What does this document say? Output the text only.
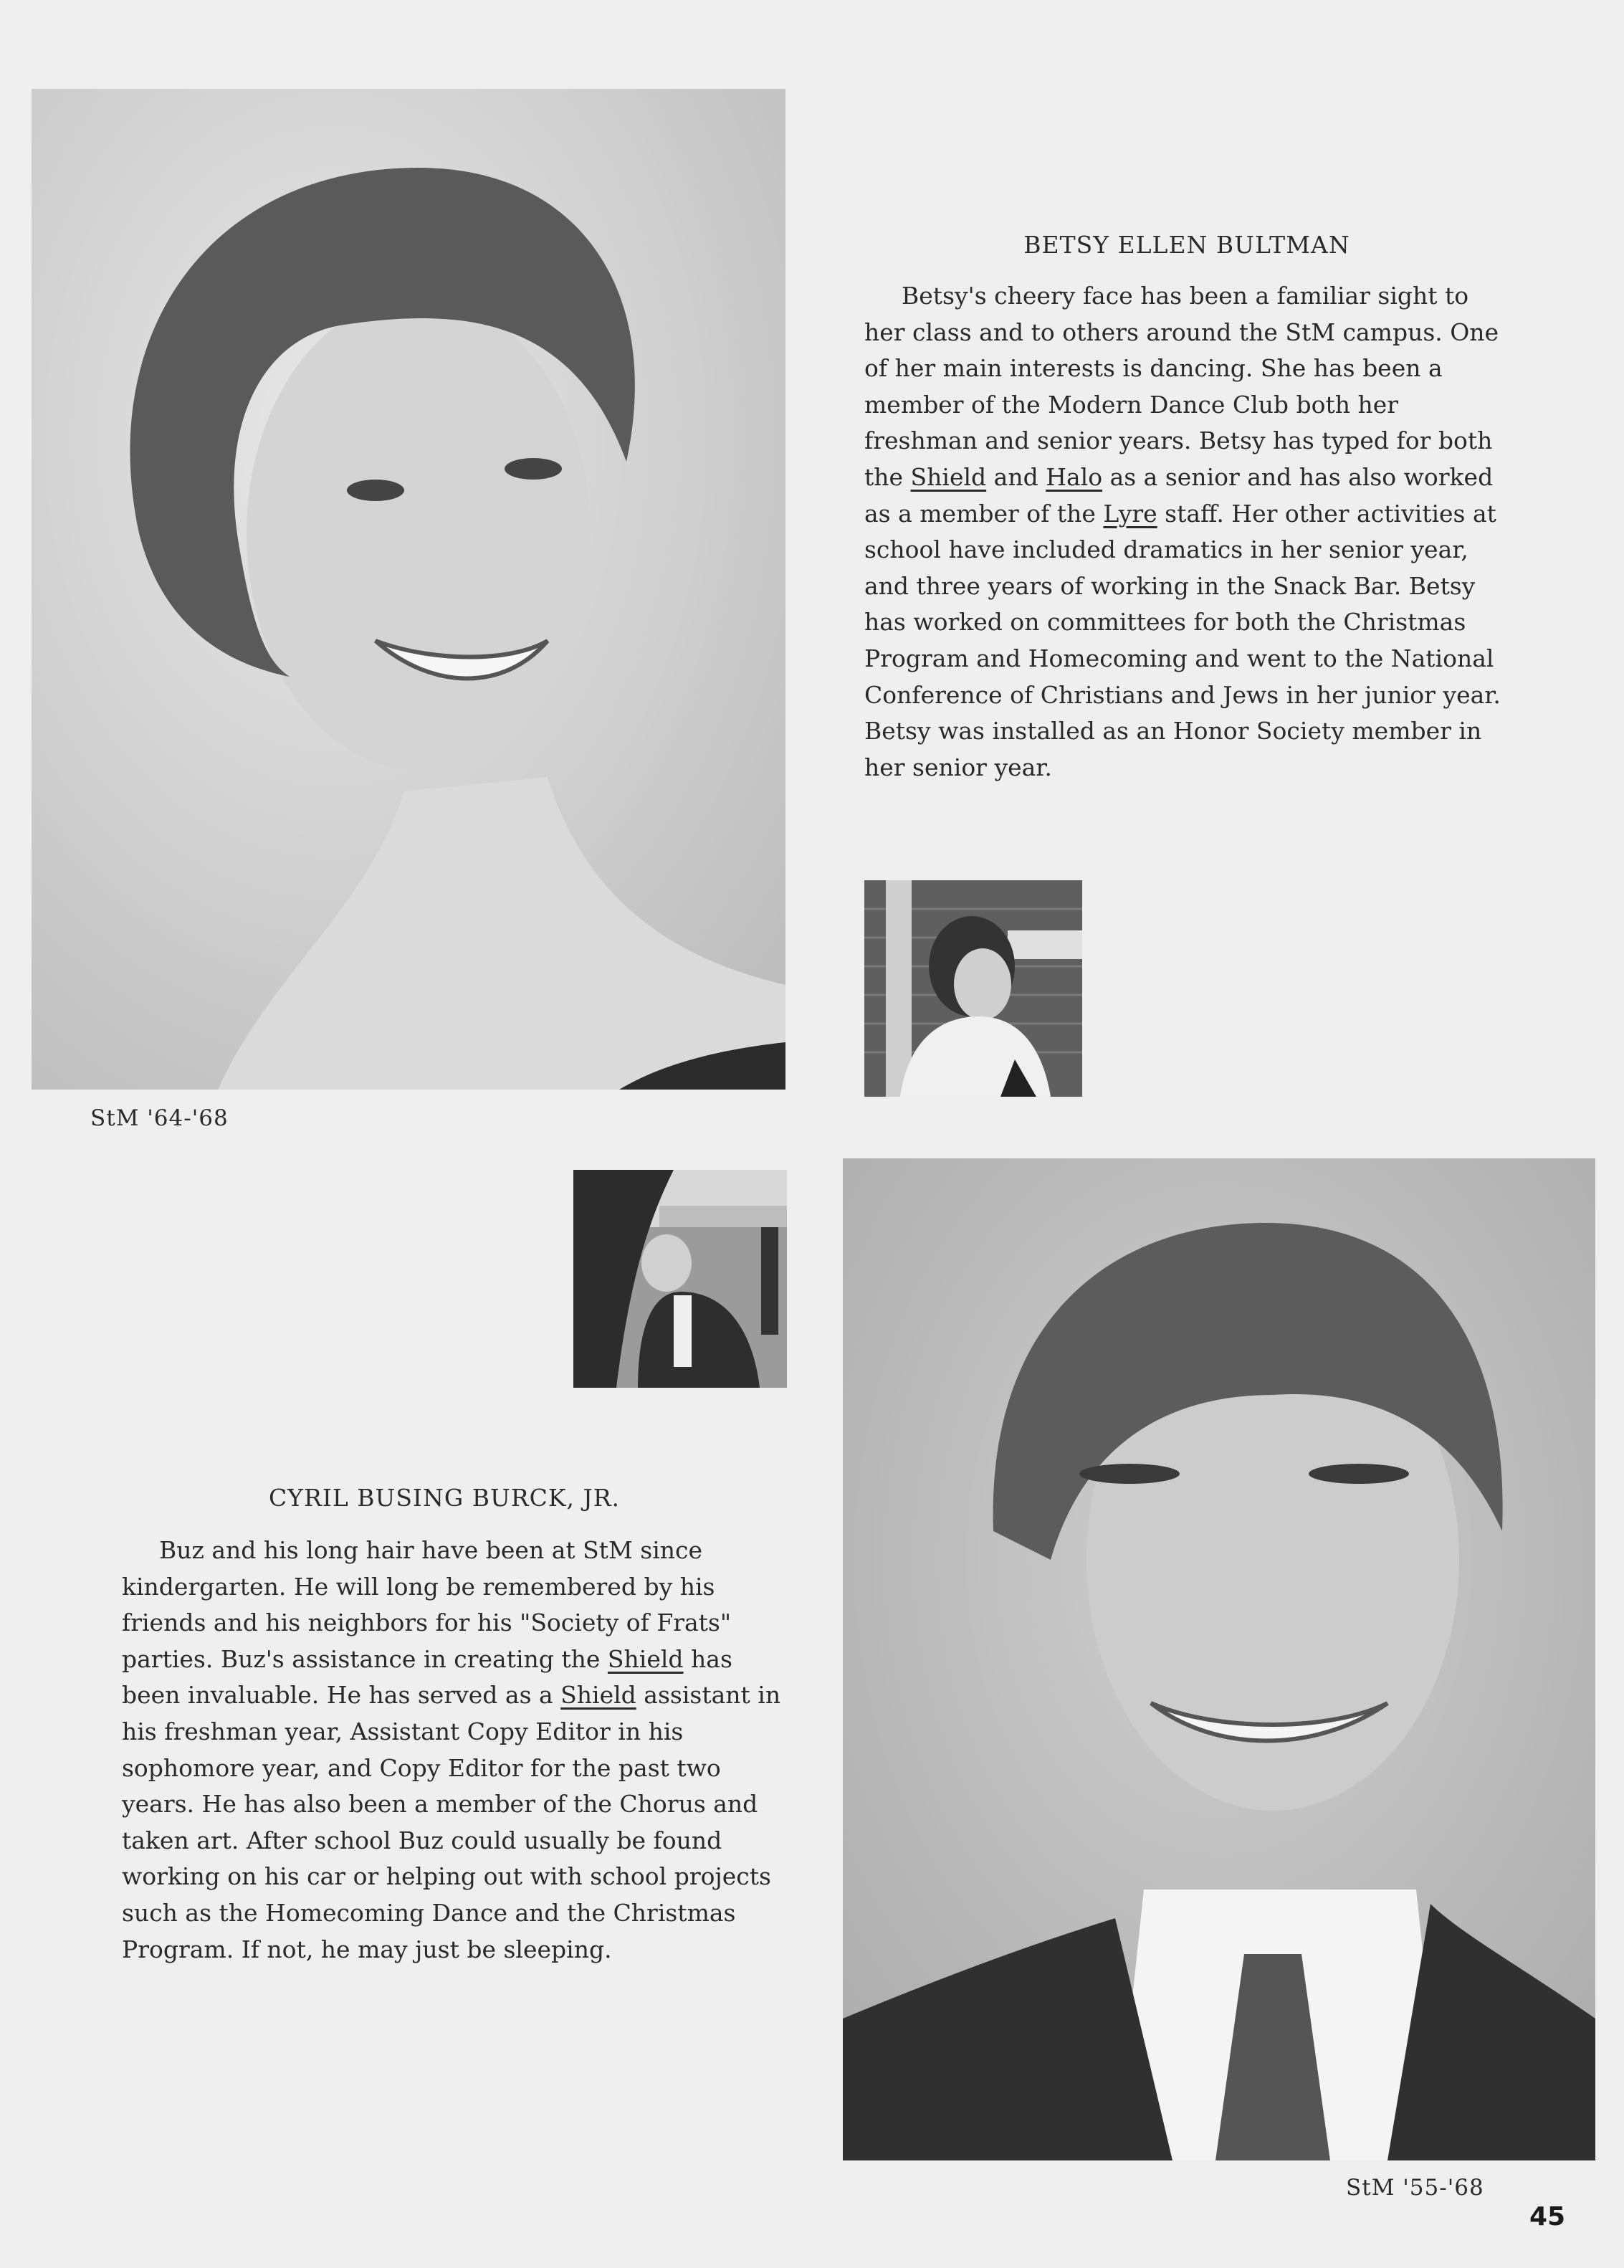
BETSY ELLEN BULTMAN

Betsy's cheery face has been a familiar sight to her class and to others around the StM campus. One of her main interests is dancing. She has been a member of the Modern Dance Club both her freshman and senior years. Betsy has typed for both the Shield and Halo as a senior and has also worked as a member of the Lyre staff. Her other activities at school have included dramatics in her senior year, and three years of working in the Snack Bar. Betsy has worked on committees for both the Christmas Program and Homecoming and went to the National Conference of Christians and Jews in her junior year. Betsy was installed as an Honor Society member in her senior year.

StM '64-'68
CYRIL BUSING BURCK, JR.

Buz and his long hair have been at StM since kindergarten. He will long be remembered by his friends and his neighbors for his "Society of Frats" parties. Buz's assistance in creating the Shield has been invaluable. He has served as a Shield assistant in his freshman year, Assistant Copy Editor in his sophomore year, and Copy Editor for the past two years. He has also been a member of the Chorus and taken art. After school Buz could usually be found working on his car or helping out with school projects such as the Homecoming Dance and the Christmas Program. If not, he may just be sleeping.

StM '55-'68
45
